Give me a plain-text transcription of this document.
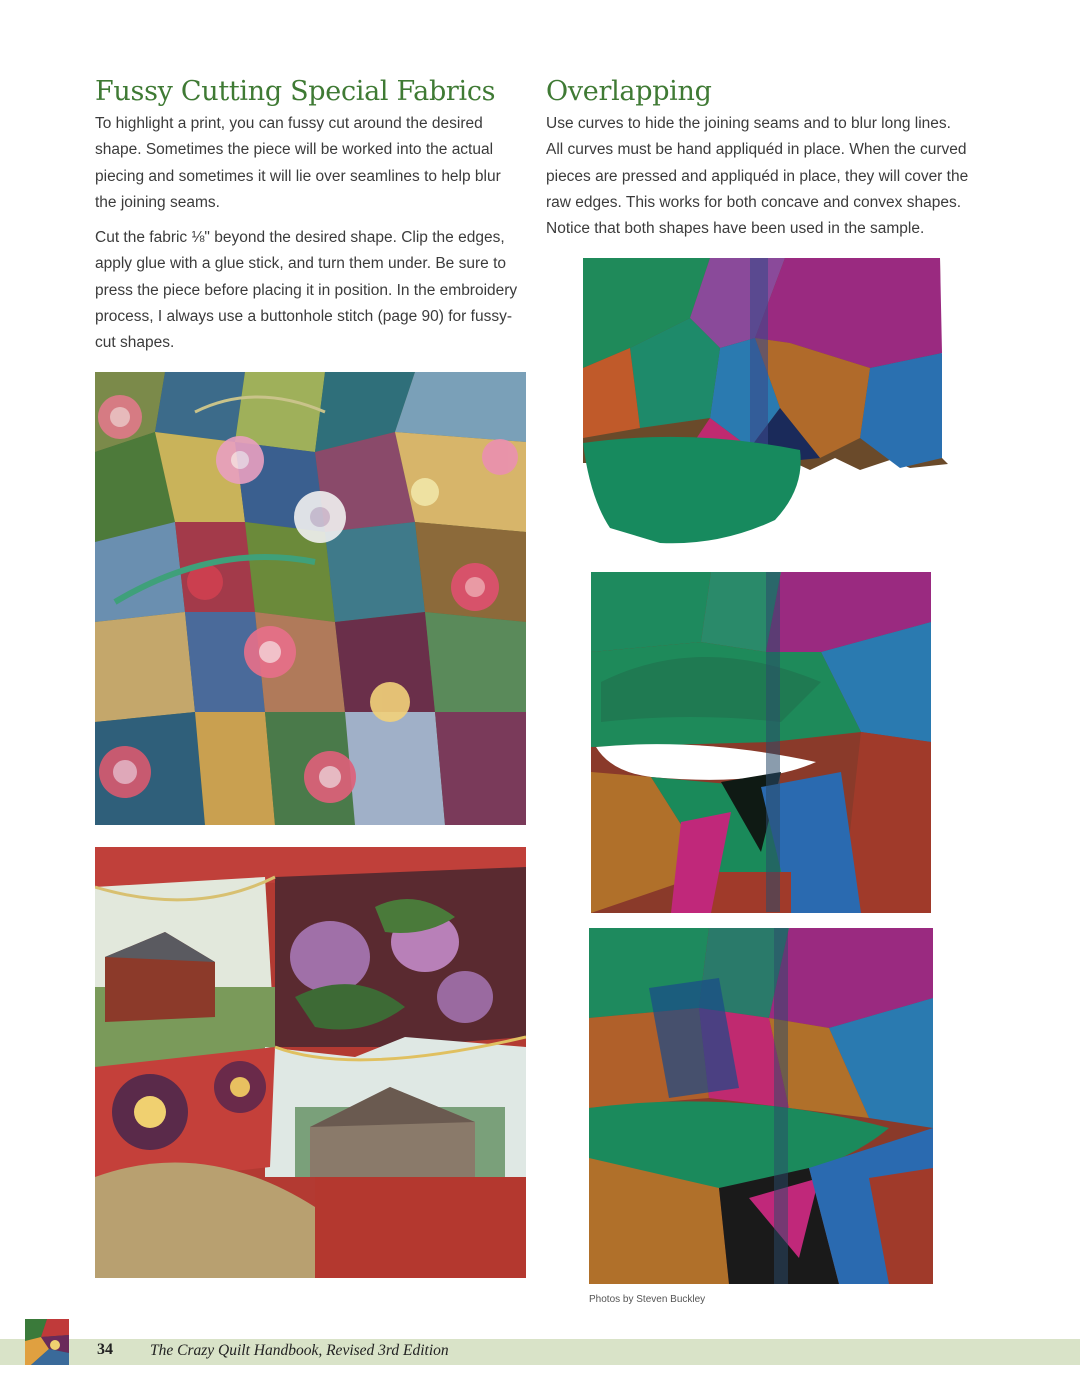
Fussy Cutting Special Fabrics

To highlight a print, you can fussy cut around the desired
shape. Sometimes the piece will be worked into the actual
piecing and sometimes it will lie over seamlines to help blur
the joining seams.

Cut the fabric ⅛" beyond the desired shape. Clip the edges,
apply glue with a glue stick, and turn them under. Be sure to
press the piece before placing it in position. In the embroidery
process, I always use a buttonhole stitch (page 90) for fussy-
cut shapes.

Overlapping

Use curves to hide the joining seams and to blur long lines.
All curves must be hand appliquéd in place. When the curved
pieces are pressed and appliquéd in place, they will cover the
raw edges. This works for both concave and convex shapes.
Notice that both shapes have been used in the sample.

Photos by Steven Buckley
34 The Crazy Quilt Handbook, Revised 3rd Edition
